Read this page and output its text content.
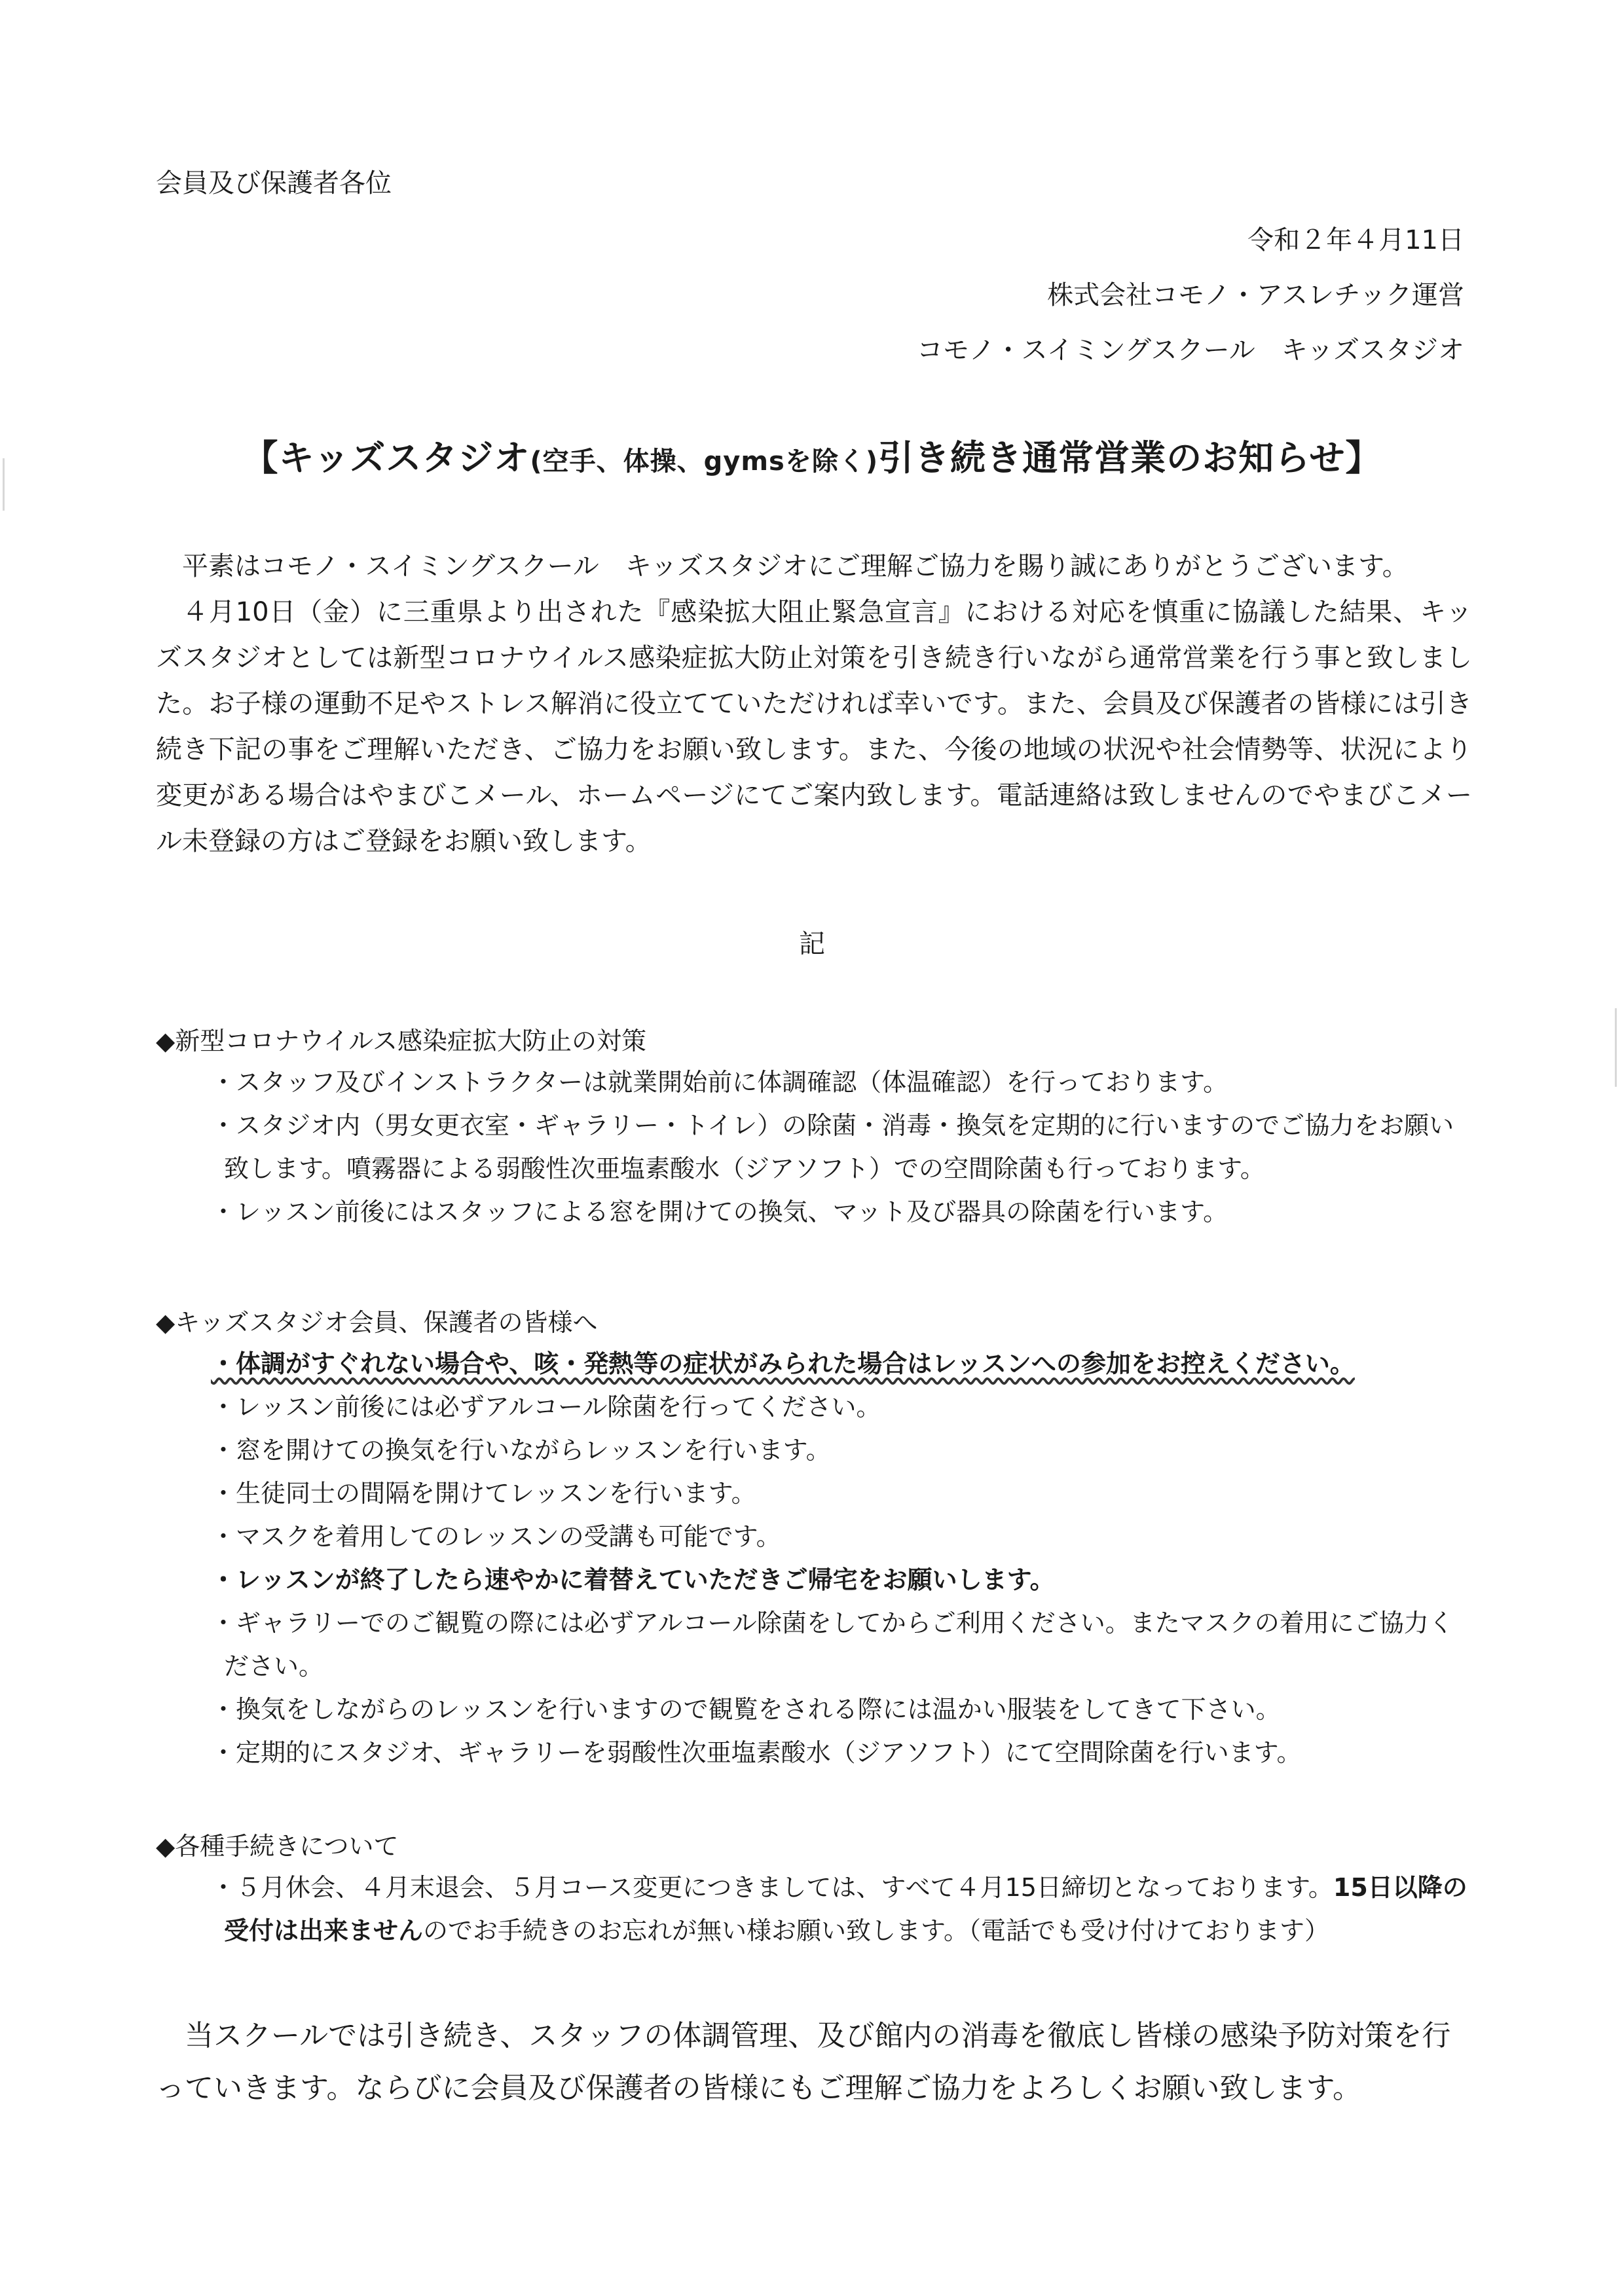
会員及び保護者各位
令和２年４月11日
株式会社コモノ・アスレチック運営
コモノ・スイミングスクール　キッズスタジオ
【キッズスタジオ(空手、体操、gymsを除く)引き続き通常営業のお知らせ】

平素はコモノ・スイミングスクール　キッズスタジオにご理解ご協力を賜り誠にありがとうございます。

４月10日（金）に三重県より出された『感染拡大阻止緊急宣言』における対応を慎重に協議した結果、キッズスタジオとしては新型コロナウイルス感染症拡大防止対策を引き続き行いながら通常営業を行う事と致しました。お子様の運動不足やストレス解消に役立てていただければ幸いです。また、会員及び保護者の皆様には引き続き下記の事をご理解いただき、ご協力をお願い致します。また、今後の地域の状況や社会情勢等、状況により変更がある場合はやまびこメール、ホームページにてご案内致します。電話連絡は致しませんのでやまびこメール未登録の方はご登録をお願い致します。

記
◆新型コロナウイルス感染症拡大防止の対策
・スタッフ及びインストラクターは就業開始前に体調確認（体温確認）を行っております。
・スタジオ内（男女更衣室・ギャラリー・トイレ）の除菌・消毒・換気を定期的に行いますのでご協力をお願い致します。噴霧器による弱酸性次亜塩素酸水（ジアソフト）での空間除菌も行っております。
・レッスン前後にはスタッフによる窓を開けての換気、マット及び器具の除菌を行います。
◆キッズスタジオ会員、保護者の皆様へ
・体調がすぐれない場合や、咳・発熱等の症状がみられた場合はレッスンへの参加をお控えください。
・レッスン前後には必ずアルコール除菌を行ってください。
・窓を開けての換気を行いながらレッスンを行います。
・生徒同士の間隔を開けてレッスンを行います。
・マスクを着用してのレッスンの受講も可能です。
・レッスンが終了したら速やかに着替えていただきご帰宅をお願いします。
・ギャラリーでのご観覧の際には必ずアルコール除菌をしてからご利用ください。またマスクの着用にご協力ください。
・換気をしながらのレッスンを行いますので観覧をされる際には温かい服装をしてきて下さい。
・定期的にスタジオ、ギャラリーを弱酸性次亜塩素酸水（ジアソフト）にて空間除菌を行います。
◆各種手続きについて
・５月休会、４月末退会、５月コース変更につきましては、すべて４月15日締切となっております。15日以降の受付は出来ませんのでお手続きのお忘れが無い様お願い致します。（電話でも受け付けております）

当スクールでは引き続き、スタッフの体調管理、及び館内の消毒を徹底し皆様の感染予防対策を行っていきます。ならびに会員及び保護者の皆様にもご理解ご協力をよろしくお願い致します。
